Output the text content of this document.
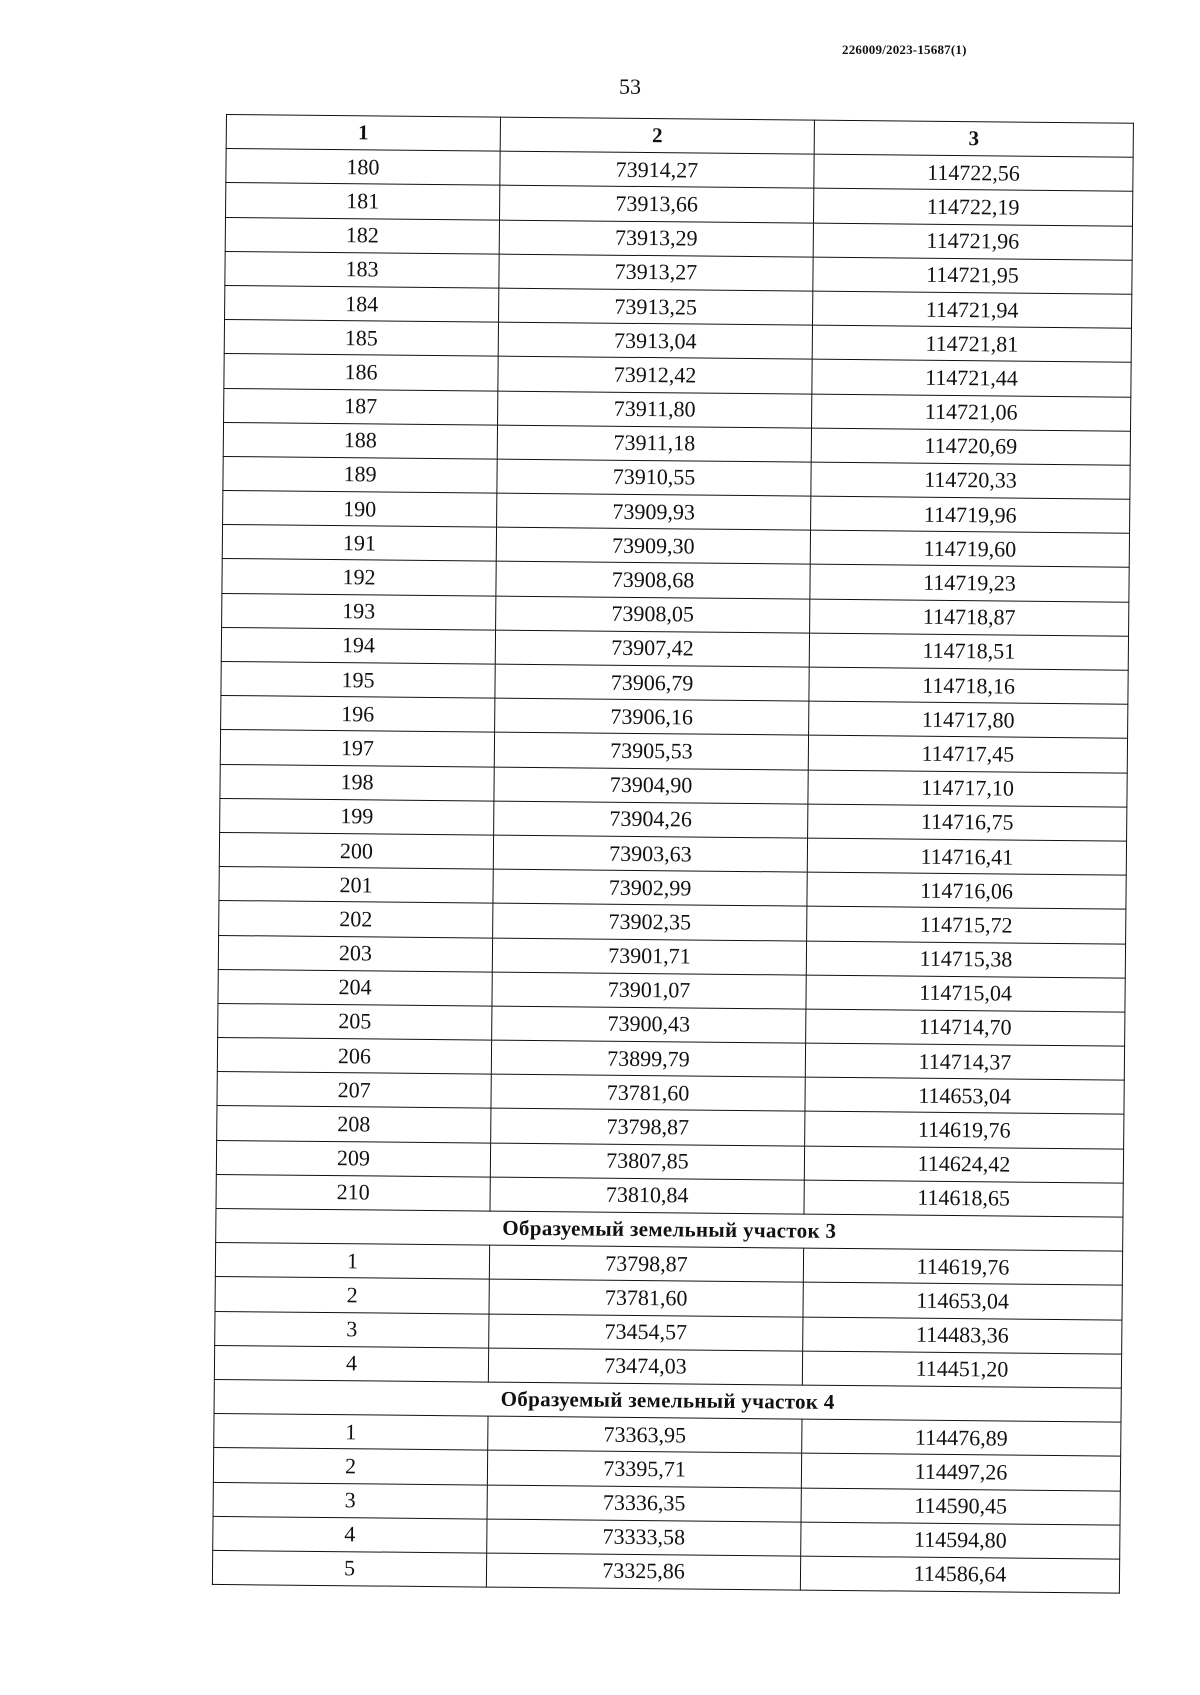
226009/2023-15687(1)
53
1	2	3
180	73914,27	114722,56
181	73913,66	114722,19
182	73913,29	114721,96
183	73913,27	114721,95
184	73913,25	114721,94
185	73913,04	114721,81
186	73912,42	114721,44
187	73911,80	114721,06
188	73911,18	114720,69
189	73910,55	114720,33
190	73909,93	114719,96
191	73909,30	114719,60
192	73908,68	114719,23
193	73908,05	114718,87
194	73907,42	114718,51
195	73906,79	114718,16
196	73906,16	114717,80
197	73905,53	114717,45
198	73904,90	114717,10
199	73904,26	114716,75
200	73903,63	114716,41
201	73902,99	114716,06
202	73902,35	114715,72
203	73901,71	114715,38
204	73901,07	114715,04
205	73900,43	114714,70
206	73899,79	114714,37
207	73781,60	114653,04
208	73798,87	114619,76
209	73807,85	114624,42
210	73810,84	114618,65
Образуемый земельный участок 3		
1	73798,87	114619,76
2	73781,60	114653,04
3	73454,57	114483,36
4	73474,03	114451,20
Образуемый земельный участок 4		
1	73363,95	114476,89
2	73395,71	114497,26
3	73336,35	114590,45
4	73333,58	114594,80
5	73325,86	114586,64
